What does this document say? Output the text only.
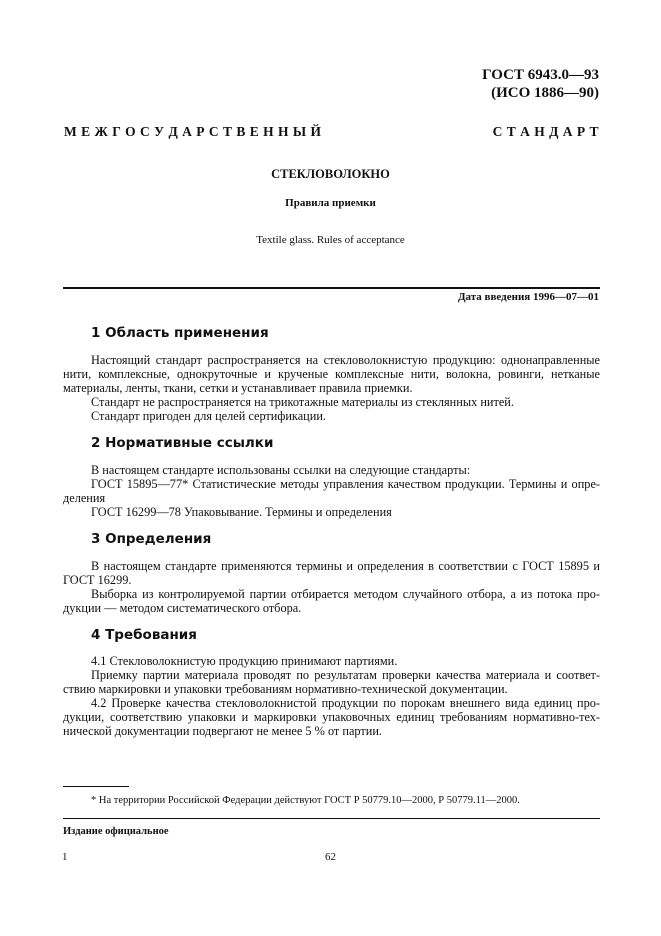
ГОСТ 6943.0—93
(ИСО 1886—90)
М Е Ж Г О С У Д А Р С Т В Е Н Н Ы Й	С Т А Н Д А Р Т
СТЕКЛОВОЛОКНО
Правила приемки
Textile glass. Rules of acceptance
Дата введения 1996—07—01
1 Область применения

Настоящий стандарт распространяется на стекловолокнистую продукцию: однонаправленные

нити, комплексные, однокруточные и крученые комплексные нити, волокна, ровинги, нетканые

материалы, ленты, ткани, сетки и устанавливает правила приемки.

Стандарт не распространяется на трикотажные материалы из стеклянных нитей.

Стандарт пригоден для целей сертификации.

2 Нормативные ссылки

В настоящем стандарте использованы ссылки на следующие стандарты:

ГОСТ 15895—77* Статистические методы управления качеством продукции. Термины и опре-

деления

ГОСТ 16299—78 Упаковывание. Термины и определения

3 Определения

В настоящем стандарте применяются термины и определения в соответствии с ГОСТ 15895 и

ГОСТ 16299.

Выборка из контролируемой партии отбирается методом случайного отбора, а из потока про-

дукции — методом систематического отбора.

4 Требования

4.1 Стекловолокнистую продукцию принимают партиями.

Приемку партии материала проводят по результатам проверки качества материала и соответ-

ствию маркировки и упаковки требованиям нормативно-технической документации.

4.2 Проверке качества стекловолокнистой продукции по порокам внешнего вида единиц про-

дукции, соответствию упаковки и маркировки упаковочных единиц требованиям нормативно-тех-

нической документации подвергают не менее 5 % от партии.

* На территории Российской Федерации действуют ГОСТ Р 50779.10—2000, Р 50779.11—2000.
Издание официальное
1	62
